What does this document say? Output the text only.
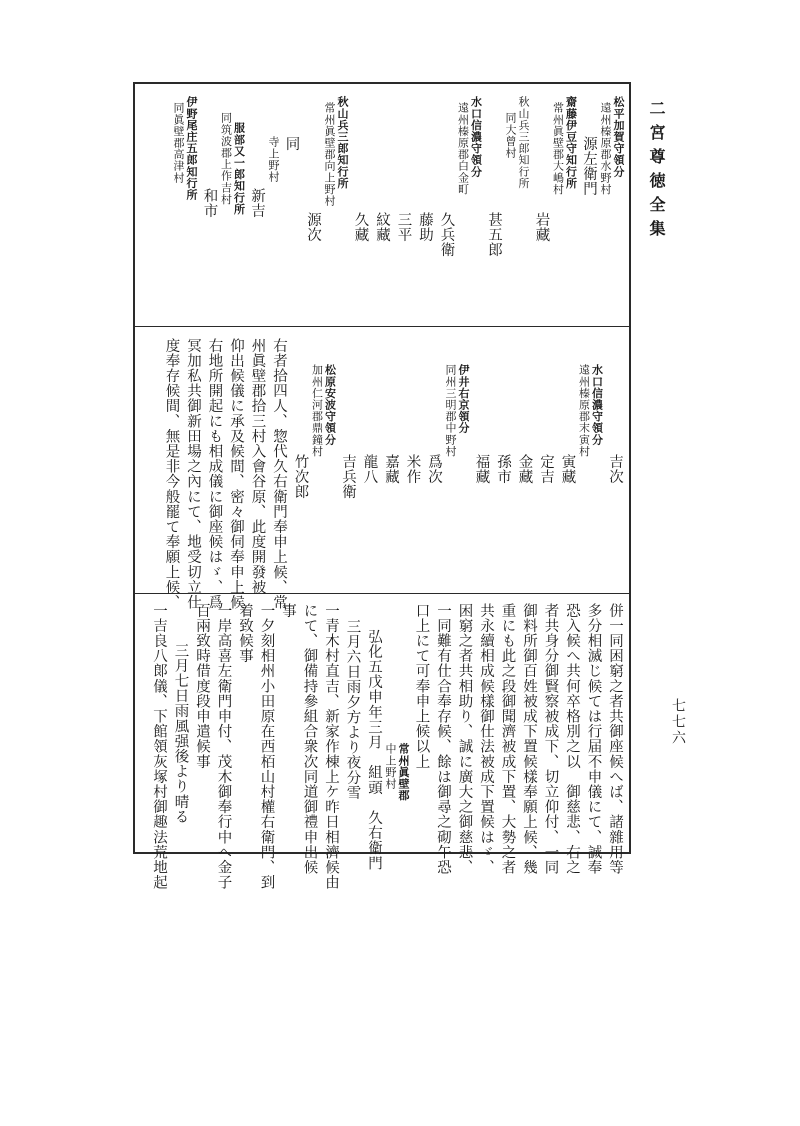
二宮尊徳全集
七七六
松平加賀守領分
遠州榛原郡水野村
源左衛門
齋藤伊豆守知行所
常州眞壁郡大嶋村
岩藏
秋山兵三郎知行所
同大曾村
甚五郎
水口信濃守領分
遠州榛原郡白金町
久兵衛
藤助
三平
紋藏
久藏
秋山兵三郎知行所
常州眞壁郡向上野村
源次
同
寺上野村
新吉
服部又一郎知行所
同筑波郡上作吉村
和市
伊野尾庄五郎知行所
同眞壁郡高津村
吉次
水口信濃守領分
遠州榛原郡末寅村
寅藏
定吉
金藏
孫市
福藏
伊井右京領分
同州三明郡中野村
爲次
米作
嘉藏
龍八
吉兵衛
松原安波守領分
加州仁河郡鼎鐘村
竹次郎
右者拾四人、惣代久右衛門奉申上候、常
州眞壁郡拾三村入會谷原、此度開發被
仰出候儀に承及候間、密々御伺奉申上候
右地所開起にも相成儀に御座候はゞ、爲
冥加私共御新田場之內にて、地受切立仕
度奉存候間、無是非今般罷て奉願上候、
併一同困窮之者共御座候へば、諸雜用等
多分相滅じ候ては行届不申儀にて、誠奉
恐入候へ共何卒格別之以　御慈悲、右之
者共身分御賢察被成下、切立仰付、一同
御料所御百姓被成下置候樣奉願上候、幾
重にも此之段御聞濟被成下置、大勢之者
共永續相成候樣御仕法被成下置候はゞ、
困窮之者共相助り、誠に廣大之御慈悲、
一同難有仕合奉存候、餘は御尋之砌午恐
口上にて可奉申上候以上
常州眞壁郡
中上野村
弘化五戊申年三月　組頭　久右衛門
三月六日雨夕方より夜分雪
一青木村直吉、新家作棟上ケ昨日相濟候由
にて、御備持參組合衆次同道御禮申出候
事
一夕刻相州小田原在西栢山村權右衛門、到
着致候事
一岸高喜左衛門申付、茂木御奉行中へ金子
百兩致時借度段申遣候事
三月七日雨風强後より晴る
一吉良八郞儀、下館領灰塚村御趣法荒地起
